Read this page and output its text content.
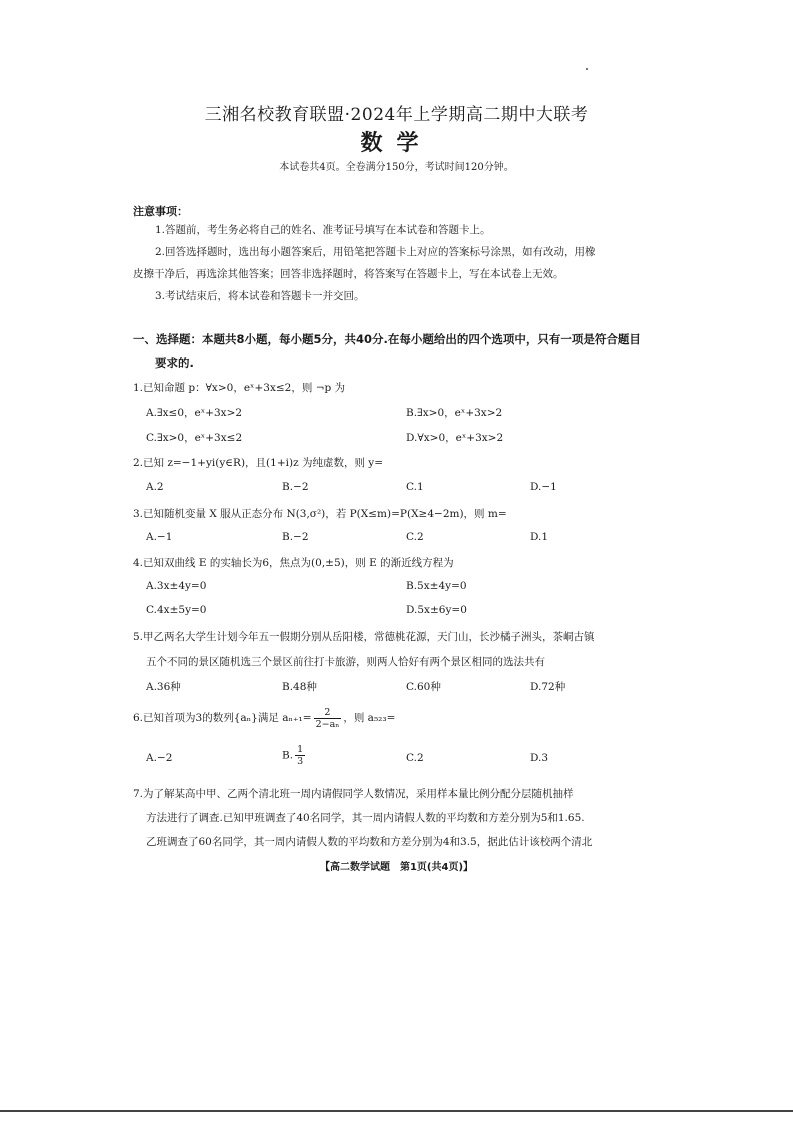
三湘名校教育联盟·2024年上学期高二期中大联考
数学
本试卷共4页。全卷满分150分，考试时间120分钟。
注意事项：
1.答题前，考生务必将自己的姓名、准考证号填写在本试卷和答题卡上。
2.回答选择题时，选出每小题答案后，用铅笔把答题卡上对应的答案标号涂黑，如有改动，用橡
皮擦干净后，再选涂其他答案；回答非选择题时，将答案写在答题卡上，写在本试卷上无效。
3.考试结束后，将本试卷和答题卡一并交回。
一、选择题：本题共8小题，每小题5分，共40分.在每小题给出的四个选项中，只有一项是符合题目
要求的.
1.已知命题 p：∀x>0，eˣ+3x≤2，则 ¬p 为
A.∃x≤0，eˣ+3x>2	B.∃x>0，eˣ+3x>2
C.∃x>0，eˣ+3x≤2	D.∀x>0，eˣ+3x>2
2.已知 z=−1+yi(y∈R)，且(1+i)z 为纯虚数，则 y=
A.2	B.−2	C.1	D.−1
3.已知随机变量 X 服从正态分布 N(3,σ²)，若 P(X≤m)=P(X≥4−2m)，则 m=
A.−1	B.−2	C.2	D.1
4.已知双曲线 E 的实轴长为6，焦点为(0,±5)，则 E 的渐近线方程为
A.3x±4y=0	B.5x±4y=0
C.4x±5y=0	D.5x±6y=0
5.甲乙两名大学生计划今年五一假期分别从岳阳楼，常德桃花源，天门山，长沙橘子洲头，茶峒古镇
五个不同的景区随机选三个景区前往打卡旅游，则两人恰好有两个景区相同的选法共有
A.36种	B.48种	C.60种	D.72种
6.已知首项为3的数列{aₙ}满足 $a_{n+1}= \frac{2}{\text{2−aₙ}}$ ，则 a₅₂₃=
A.−2	B. $\frac{1}{3}$	C.2	D.3
7.为了解某高中甲、乙两个清北班一周内请假同学人数情况，采用样本量比例分配分层随机抽样
方法进行了调查.已知甲班调查了40名同学，其一周内请假人数的平均数和方差分别为5和1.65.
乙班调查了60名同学，其一周内请假人数的平均数和方差分别为4和3.5，据此估计该校两个清北
【高二数学试题　第1页(共4页)】
